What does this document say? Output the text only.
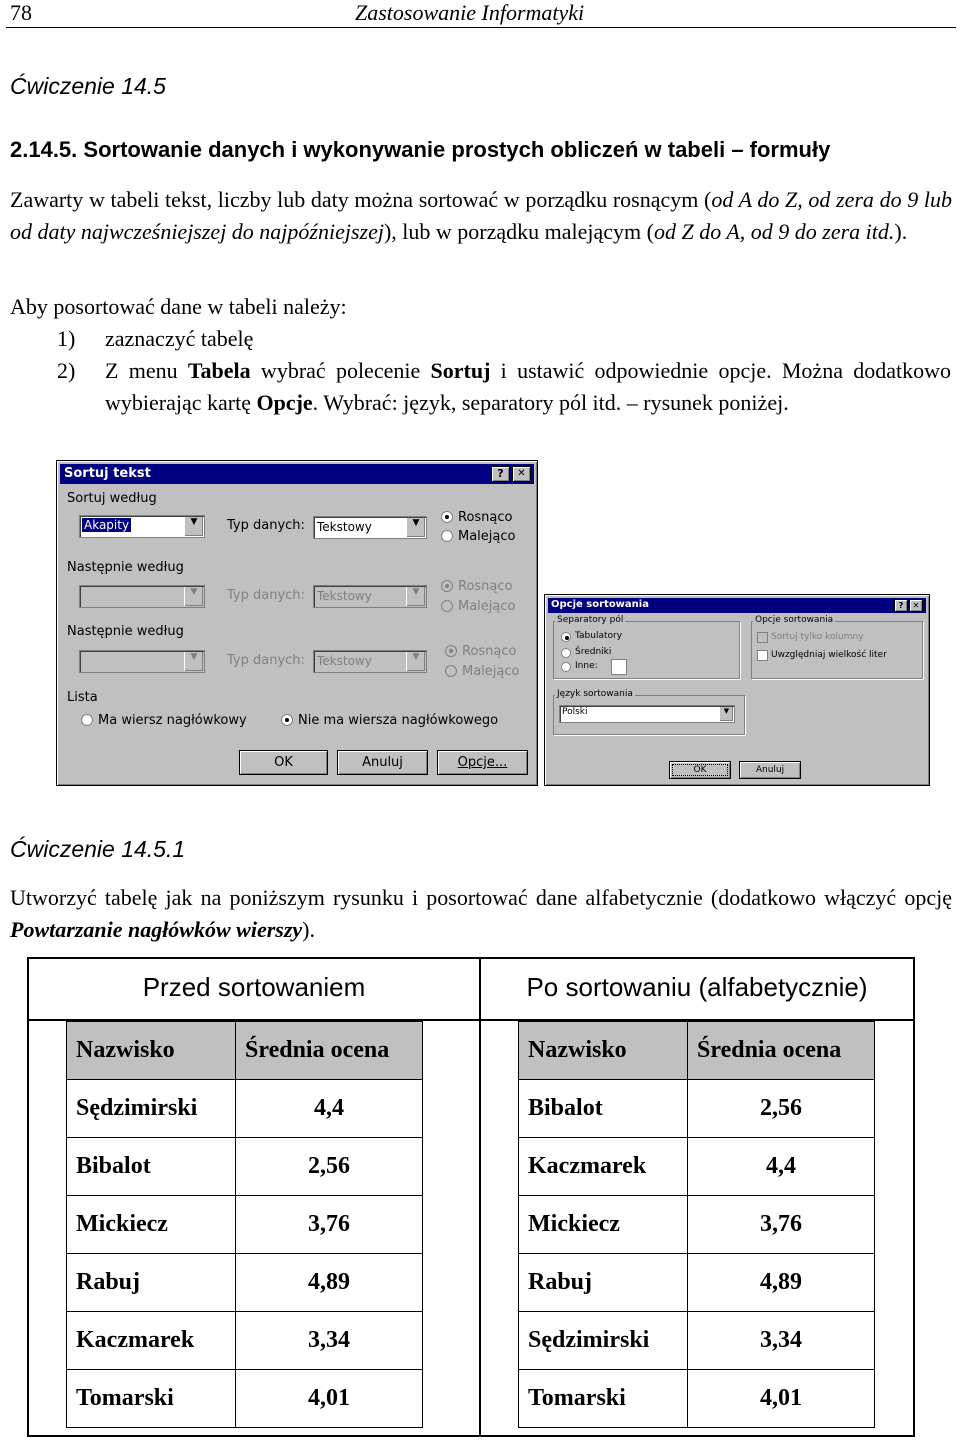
78	Zastosowanie Informatyki
Ćwiczenie 14.5
2.14.5. Sortowanie danych i wykonywanie prostych obliczeń w tabeli – formuły
Zawarty w tabeli tekst, liczby lub daty można sortować w porządku rosnącym (od A do Z, od zera do 9 lub od daty najwcześniejszej do najpóźniejszej), lub w porządku malejącym (od Z do A, od 9 do zera itd.).
Aby posortować dane w tabeli należy:
1) zaznaczyć tabelę
2) Z menu Tabela wybrać polecenie Sortuj i ustawić odpowiednie opcje. Można dodatkowo wybierając kartę Opcje. Wybrać: język, separatory pól itd. – rysunek poniżej.
Sortuj tekst	?	✕
Sortuj według
Akapity	▼	Typ danych: Tekstowy	▼	Rosnąco
Malejąco
Następnie według
▼	Typ danych: Tekstowy	▼	Rosnąco
Malejąco
Następnie według
▼	Typ danych: Tekstowy	▼	Rosnąco
Malejąco
Lista
Ma wiersz nagłówkowy	Nie ma wiersza nagłówkowego
OK	Anuluj	Opcje...
Opcje sortowania	?	✕
Separatory pól
Tabulatory
Średniki
Inne:
Opcje sortowania
Sortuj tylko kolumny
Uwzględniaj wielkość liter
Język sortowania
Polski	▼
OK	Anuluj
Ćwiczenie 14.5.1
Utworzyć tabelę jak na poniższym rysunku i posortować dane alfabetycznie (dodatkowo włączyć opcję Powtarzanie nagłówków wierszy).
Przed sortowaniem	Po sortowaniu (alfabetycznie)
Nazwisko	Średnia ocena
Sędzimirski	4,4
Bibalot	2,56
Mickiecz	3,76
Rabuj	4,89
Kaczmarek	3,34
Tomarski	4,01
Nazwisko	Średnia ocena
Bibalot	2,56
Kaczmarek	4,4
Mickiecz	3,76
Rabuj	4,89
Sędzimirski	3,34
Tomarski	4,01
